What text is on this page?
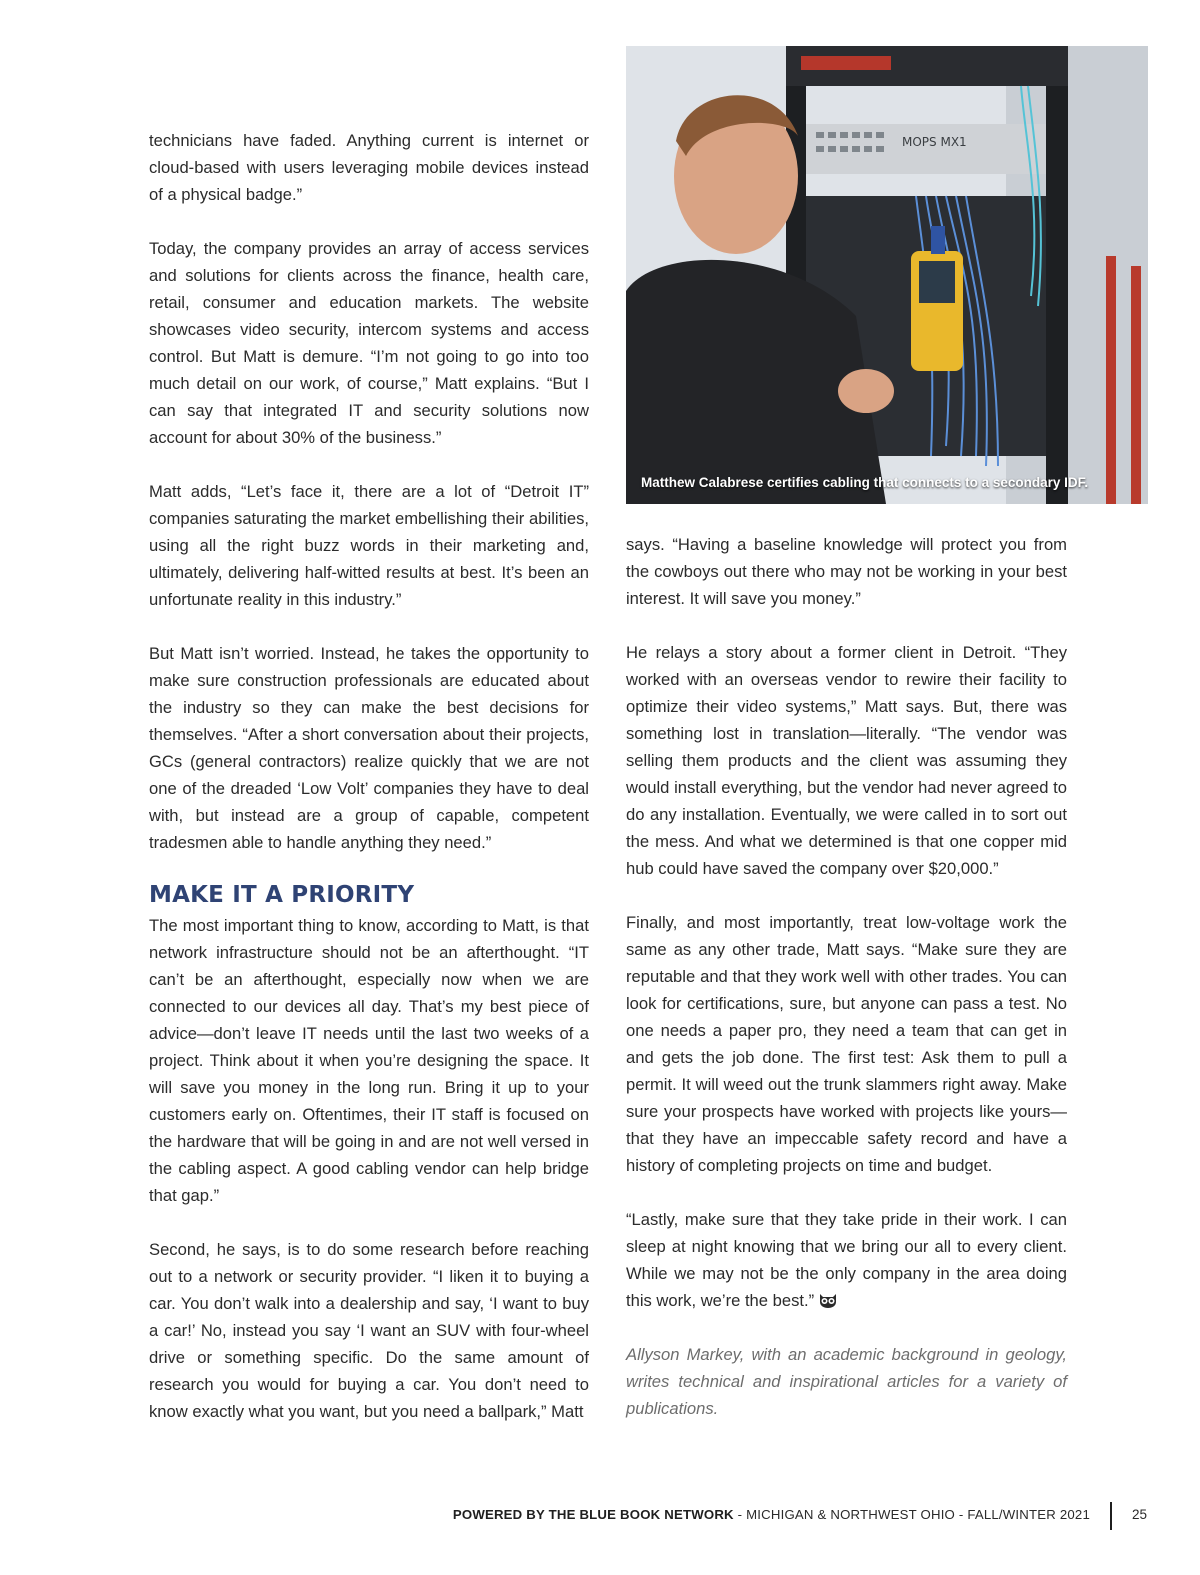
technicians have faded. Anything current is internet or cloud-based with users leveraging mobile devices instead of a physical badge.”

Today, the company provides an array of access services and solutions for clients across the finance, health care, retail, consumer and education markets. The website showcases video security, intercom systems and access control. But Matt is demure. “I’m not going to go into too much detail on our work, of course,” Matt explains. “But I can say that integrated IT and security solutions now account for about 30% of the business.”

Matt adds, “Let’s face it, there are a lot of “Detroit IT” companies saturating the market embellishing their abilities, using all the right buzz words in their marketing and, ultimately, delivering half-witted results at best. It’s been an unfortunate reality in this industry.”

But Matt isn’t worried. Instead, he takes the opportunity to make sure construction professionals are educated about the industry so they can make the best decisions for themselves. “After a short conversation about their projects, GCs (general contractors) realize quickly that we are not one of the dreaded ‘Low Volt’ companies they have to deal with, but instead are a group of capable, competent tradesmen able to handle anything they need.”

MAKE IT A PRIORITY

The most important thing to know, according to Matt, is that network infrastructure should not be an afterthought. “IT can’t be an afterthought, especially now when we are connected to our devices all day. That’s my best piece of advice—don’t leave IT needs until the last two weeks of a project. Think about it when you’re designing the space. It will save you money in the long run. Bring it up to your customers early on. Oftentimes, their IT staff is focused on the hardware that will be going in and are not well versed in the cabling aspect. A good cabling vendor can help bridge that gap.”

Second, he says, is to do some research before reaching out to a network or security provider. “I liken it to buying a car. You don’t walk into a dealership and say, ‘I want to buy a car!’ No, instead you say ‘I want an SUV with four-wheel drive or something specific. Do the same amount of research you would for buying a car. You don’t need to know exactly what you want, but you need a ballpark,” Matt

MOPS MX1
Matthew Calabrese certifies cabling that connects to a secondary IDF.

says. “Having a baseline knowledge will protect you from the cowboys out there who may not be working in your best interest. It will save you money.”

He relays a story about a former client in Detroit. “They worked with an overseas vendor to rewire their facility to optimize their video systems,” Matt says. But, there was something lost in translation—literally. “The vendor was selling them products and the client was assuming they would install everything, but the vendor had never agreed to do any installation. Eventually, we were called in to sort out the mess. And what we determined is that one copper mid hub could have saved the company over $20,000.”

Finally, and most importantly, treat low-voltage work the same as any other trade, Matt says. “Make sure they are reputable and that they work well with other trades. You can look for certifications, sure, but anyone can pass a test. No one needs a paper pro, they need a team that can get in and gets the job done. The first test: Ask them to pull a permit. It will weed out the trunk slammers right away. Make sure your prospects have worked with projects like yours—that they have an impeccable safety record and have a history of completing projects on time and budget.

“Lastly, make sure that they take pride in their work. I can sleep at night knowing that we bring our all to every client. While we may not be the only company in the area doing this work, we’re the best.”

Allyson Markey, with an academic background in geology, writes technical and inspirational articles for a variety of publications.

POWERED BY THE BLUE BOOK NETWORK - MICHIGAN & NORTHWEST OHIO - FALL/WINTER 2021	25
